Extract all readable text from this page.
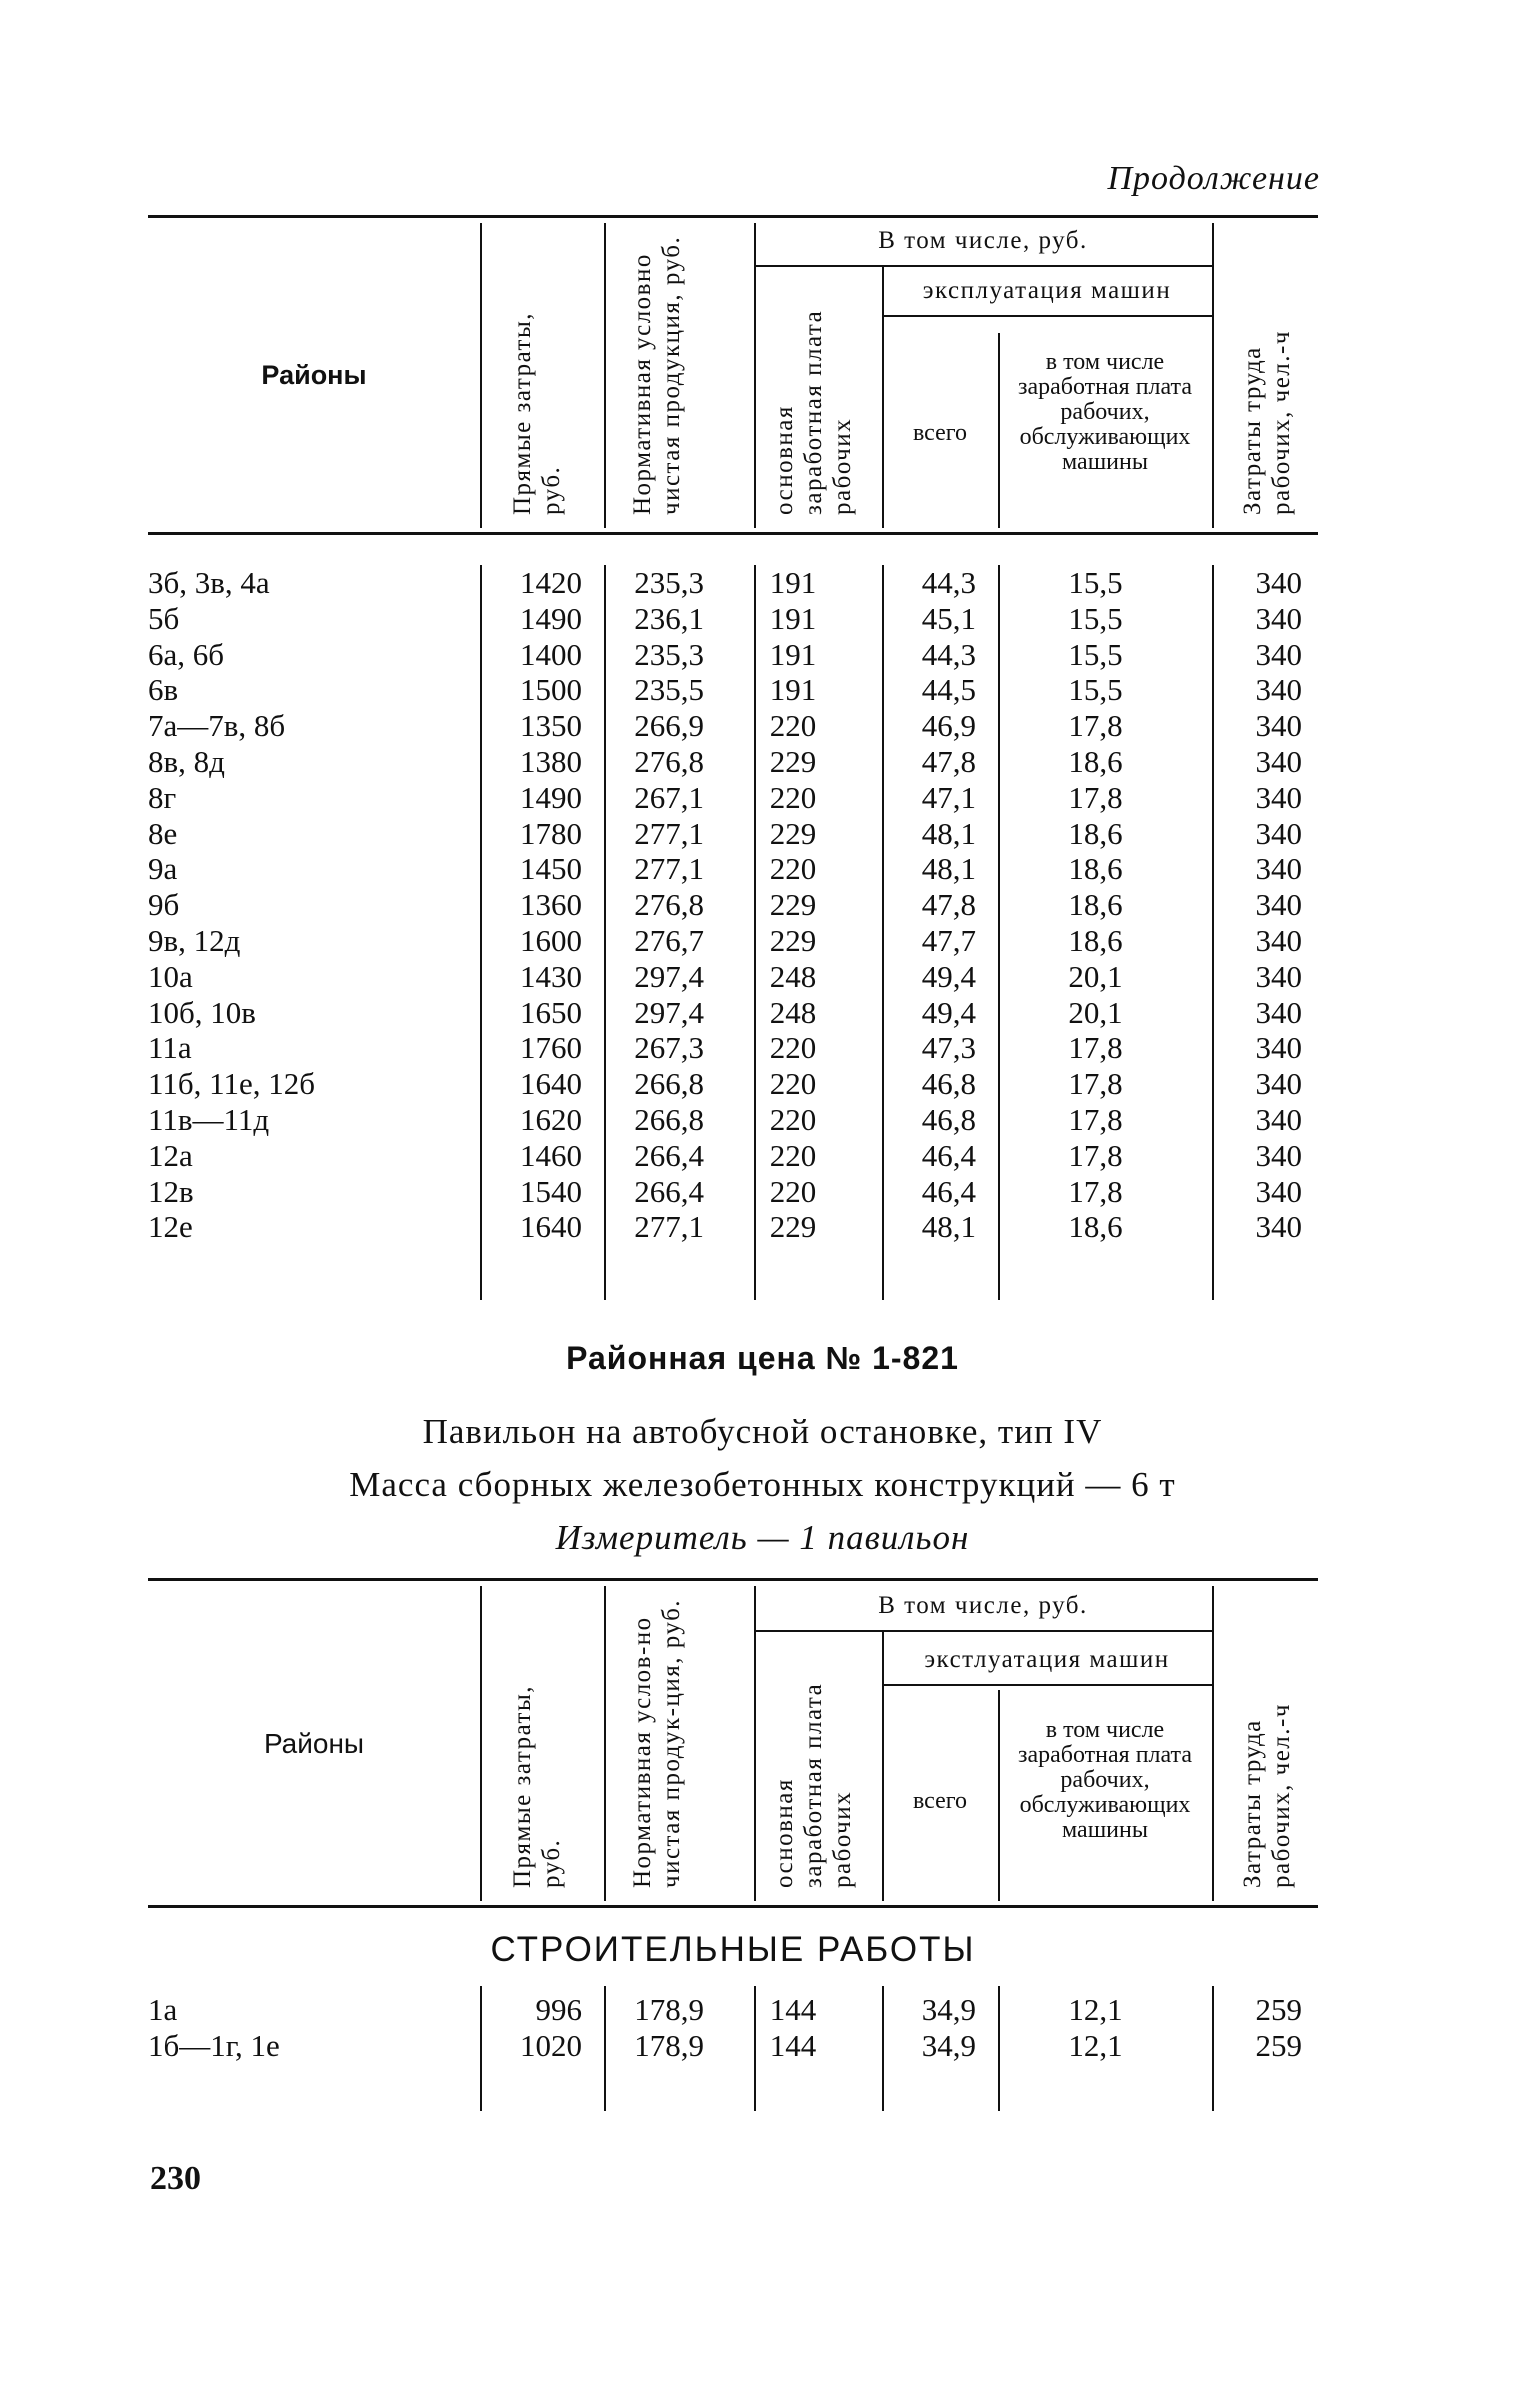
Продолжение
Районы	Прямые затраты, руб.	Нормативная условно чистая продукция, руб.	В том числе, руб.
основная заработная плата рабочих
эксплуатация машин
всего
в том числе заработная плата рабочих, обслуживающих машины	Затраты труда рабочих, чел.-ч
3б, 3в, 4а	1420	235,3	191	44,3	15,5	340
5б	1490	236,1	191	45,1	15,5	340
6а, 6б	1400	235,3	191	44,3	15,5	340
6в	1500	235,5	191	44,5	15,5	340
7а—7в, 8б	1350	266,9	220	46,9	17,8	340
8в, 8д	1380	276,8	229	47,8	18,6	340
8г	1490	267,1	220	47,1	17,8	340
8е	1780	277,1	229	48,1	18,6	340
9а	1450	277,1	220	48,1	18,6	340
9б	1360	276,8	229	47,8	18,6	340
9в, 12д	1600	276,7	229	47,7	18,6	340
10а	1430	297,4	248	49,4	20,1	340
10б, 10в	1650	297,4	248	49,4	20,1	340
11а	1760	267,3	220	47,3	17,8	340
11б, 11е, 12б	1640	266,8	220	46,8	17,8	340
11в—11д	1620	266,8	220	46,8	17,8	340
12а	1460	266,4	220	46,4	17,8	340
12в	1540	266,4	220	46,4	17,8	340
12е	1640	277,1	229	48,1	18,6	340
Районная цена № 1-821
Павильон на автобусной остановке, тип IV
Масса сборных железобетонных конструкций — 6 т
Измеритель — 1 павильон
Районы	Прямые затраты, руб.	Нормативная услов-но чистая продук-ция, руб.	В том числе, руб.
основная заработная плата рабочих
экстлуатация машин
всего
в том числе заработная плата рабочих, обслуживающих машины	Затраты труда рабочих, чел.-ч
СТРОИТЕЛЬНЫЕ РАБОТЫ
1а	996	178,9	144	34,9	12,1	259
1б—1г, 1е	1020	178,9	144	34,9	12,1	259
230
